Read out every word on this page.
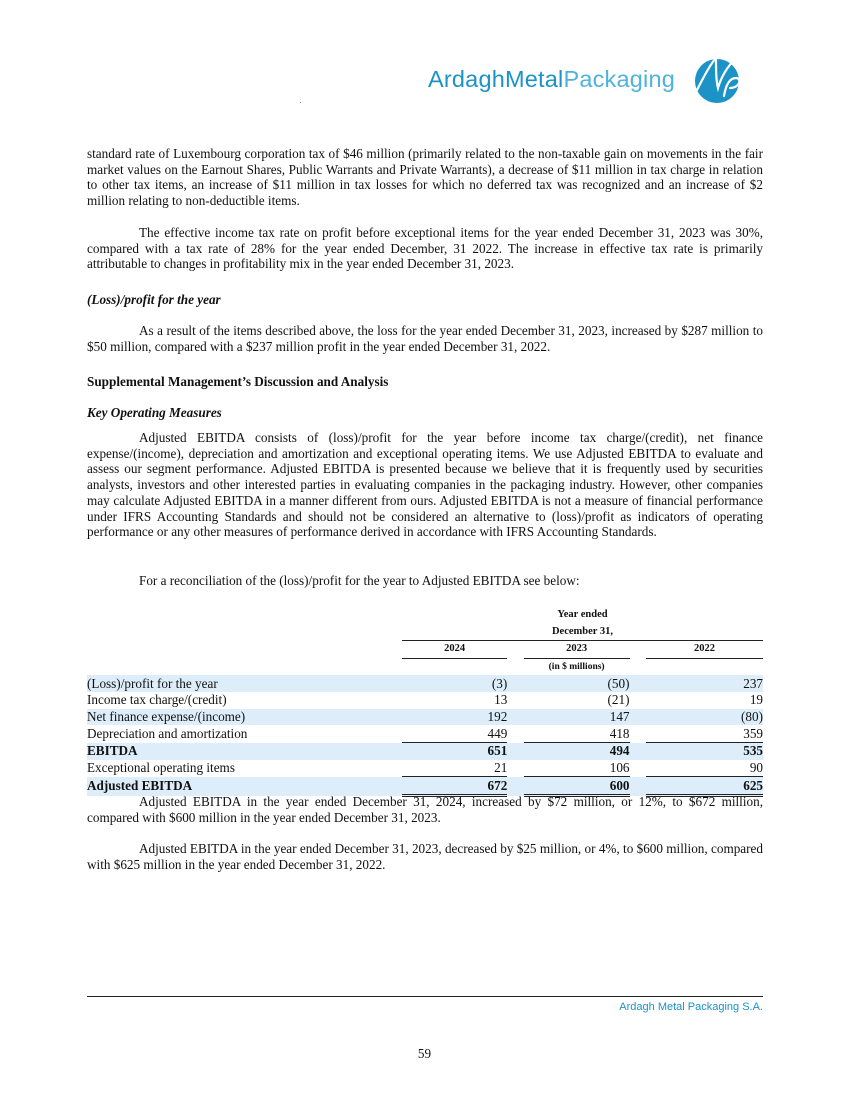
ArdaghMetalPackaging	MP

standard rate of Luxembourg corporation tax of $46 million (primarily related to the non-taxable gain on movements in the fair market values on the Earnout Shares, Public Warrants and Private Warrants), a decrease of $11 million in tax charge in relation to other tax items, an increase of $11 million in tax losses for which no deferred tax was recognized and an increase of $2 million relating to non-deductible items.

The effective income tax rate on profit before exceptional items for the year ended December 31, 2023 was 30%, compared with a tax rate of 28% for the year ended December, 31 2022. The increase in effective tax rate is primarily attributable to changes in profitability mix in the year ended December 31, 2023.

(Loss)/profit for the year

As a result of the items described above, the loss for the year ended December 31, 2023, increased by $287 million to $50 million, compared with a $237 million profit in the year ended December 31, 2022.

Supplemental Management’s Discussion and Analysis

Key Operating Measures

Adjusted EBITDA consists of (loss)/profit for the year before income tax charge/(credit), net finance expense/(income), depreciation and amortization and exceptional operating items. We use Adjusted EBITDA to evaluate and assess our segment performance. Adjusted EBITDA is presented because we believe that it is frequently used by securities analysts, investors and other interested parties in evaluating companies in the packaging industry. However, other companies may calculate Adjusted EBITDA in a manner different from ours. Adjusted EBITDA is not a measure of financial performance under IFRS Accounting Standards and should not be considered an alternative to (loss)/profit as indicators of operating performance or any other measures of performance derived in accordance with IFRS Accounting Standards.

For a reconciliation of the (loss)/profit for the year to Adjusted EBITDA see below:

	Year ended				
	December 31,				
	2024		2023		2022
			(in $ millions)		
(Loss)/profit for the year	(3)		(50)		237
Income tax charge/(credit)	13		(21)		19
Net finance expense/(income)	192		147		(80)
Depreciation and amortization	449		418		359
EBITDA	651		494		535
Exceptional operating items	21		106		90
Adjusted EBITDA	672		600		625

Adjusted EBITDA in the year ended December 31, 2024, increased by $72 million, or 12%, to $672 million, compared with $600 million in the year ended December 31, 2023.

Adjusted EBITDA in the year ended December 31, 2023, decreased by $25 million, or 4%, to $600 million, compared with $625 million in the year ended December 31, 2022.

Ardagh Metal Packaging S.A.
59
